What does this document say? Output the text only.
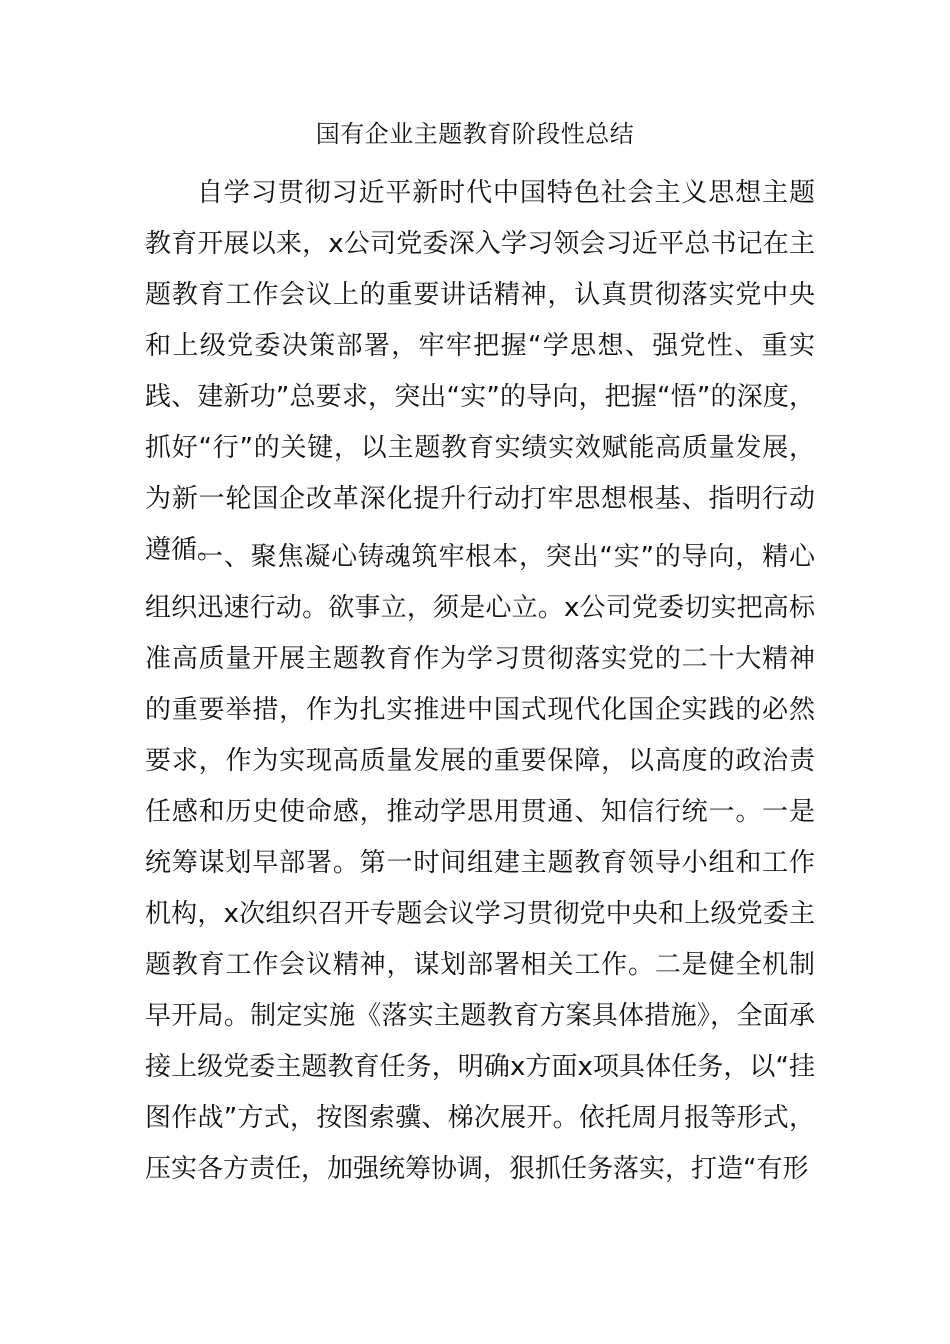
国有企业主题教育阶段性总结

自学习贯彻习近平新时代中国特色社会主义思想主题教育开展以来，x公司党委深入学习领会习近平总书记在主题教育工作会议上的重要讲话精神，认真贯彻落实党中央和上级党委决策部署，牢牢把握“学思想、强党性、重实践、建新功”总要求，突出“实”的导向，把握“悟”的深度，抓好“行”的关键，以主题教育实绩实效赋能高质量发展，为新一轮国企改革深化提升行动打牢思想根基、指明行动遵循。

一、聚焦凝心铸魂筑牢根本，突出“实”的导向，精心组织迅速行动。欲事立，须是心立。x公司党委切实把高标准高质量开展主题教育作为学习贯彻落实党的二十大精神的重要举措，作为扎实推进中国式现代化国企实践的必然要求，作为实现高质量发展的重要保障，以高度的政治责任感和历史使命感，推动学思用贯通、知信行统一。一是统筹谋划早部署。第一时间组建主题教育领导小组和工作机构，x次组织召开专题会议学习贯彻党中央和上级党委主题教育工作会议精神，谋划部署相关工作。二是健全机制早开局。制定实施《落实主题教育方案具体措施》，全面承接上级党委主题教育任务，明确x方面x项具体任务，以“挂图作战”方式，按图索骥、梯次展开。依托周月报等形式，压实各方责任，加强统筹协调，狠抓任务落实，打造“有形
